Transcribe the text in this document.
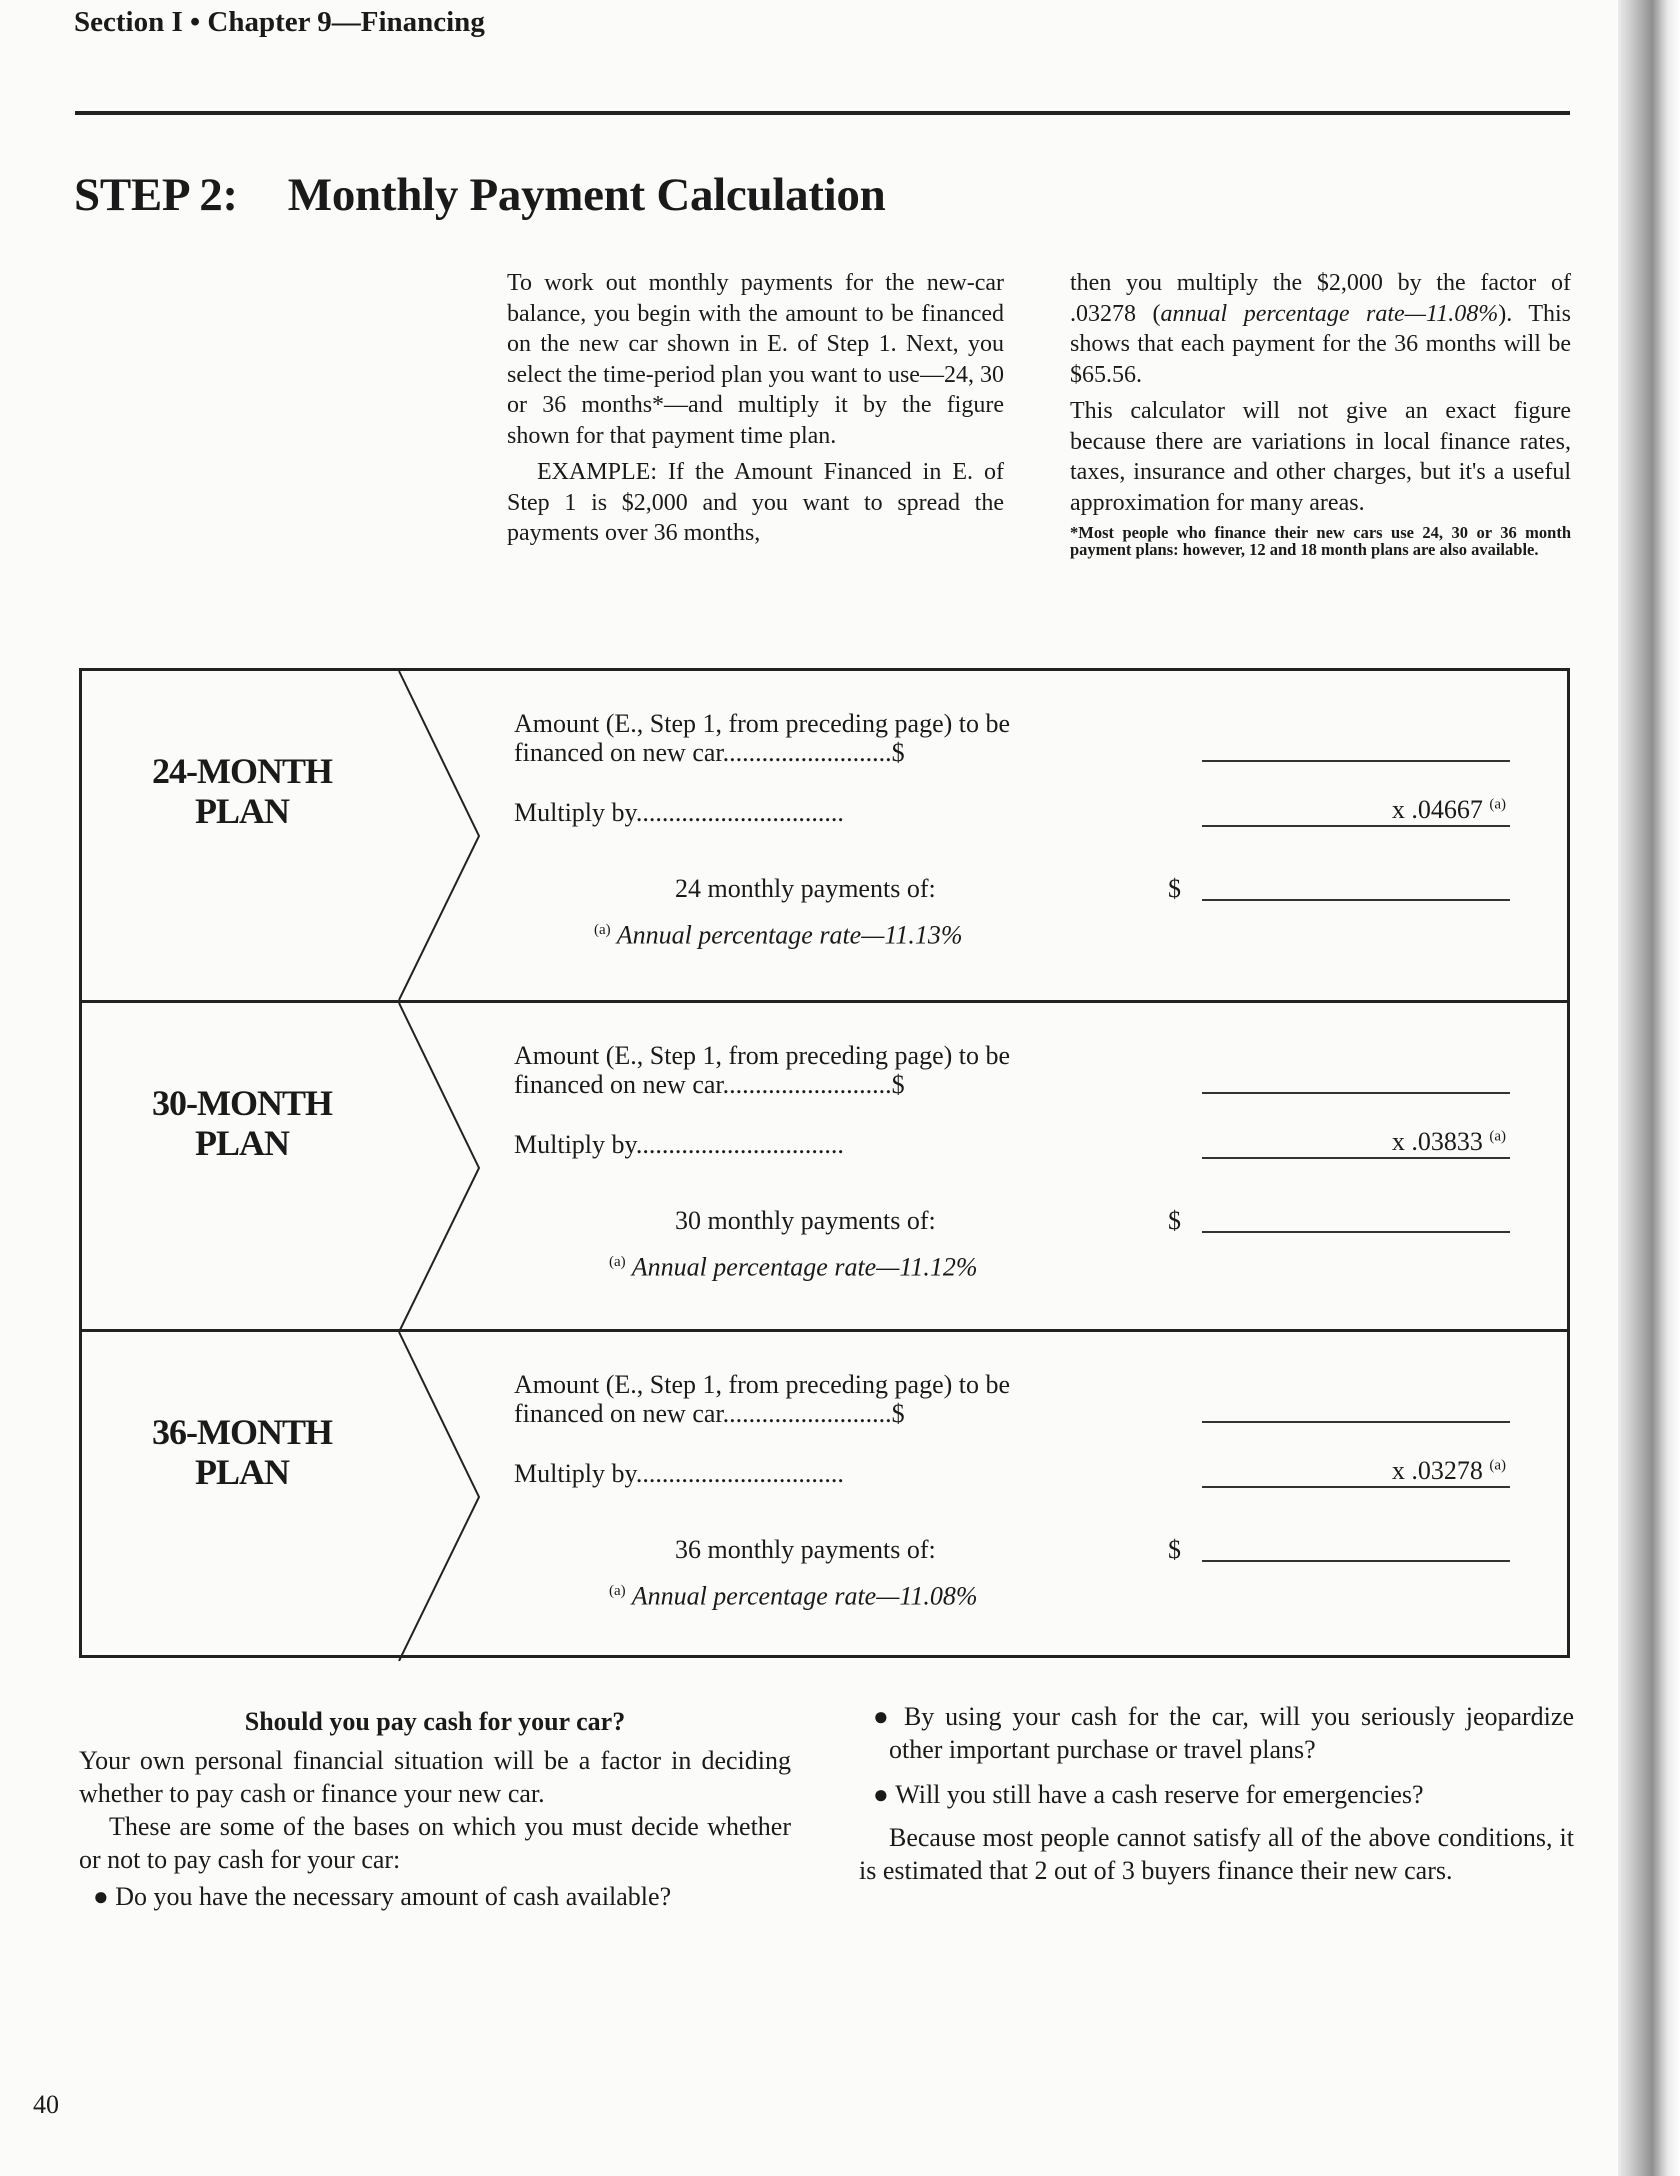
Section I • Chapter 9—Financing
STEP 2: Monthly Payment Calculation

To work out monthly payments for the new-car balance, you begin with the amount to be financed on the new car shown in E. of Step 1. Next, you select the time-period plan you want to use—24, 30 or 36 months*—and multiply it by the figure shown for that payment time plan.

EXAMPLE: If the Amount Financed in E. of Step 1 is $2,000 and you want to spread the payments over 36 months,

then you multiply the $2,000 by the factor of .03278 (annual percentage rate—11.08%). This shows that each payment for the 36 months will be $65.56.

This calculator will not give an exact figure because there are variations in local finance rates, taxes, insurance and other charges, but it's a useful approximation for many areas.

*Most people who finance their new cars use 24, 30 or 36 month payment plans: however, 12 and 18 month plans are also available.

24-MONTH
PLAN
Amount (E., Step 1, from preceding page) to be
financed on new car..........................$
Multiply by................................	x .04667 $^{(a)}$
24 monthly payments of:	$
$^{(a)}$ Annual percentage rate—11.13%
30-MONTH
PLAN
Amount (E., Step 1, from preceding page) to be
financed on new car..........................$
Multiply by................................	x .03833 $^{(a)}$
30 monthly payments of:	$
$^{(a)}$ Annual percentage rate—11.12%
36-MONTH
PLAN
Amount (E., Step 1, from preceding page) to be
financed on new car..........................$
Multiply by................................	x .03278 $^{(a)}$
36 monthly payments of:	$
$^{(a)}$ Annual percentage rate—11.08%
Should you pay cash for your car?

Your own personal financial situation will be a factor in deciding whether to pay cash or finance your new car.

These are some of the bases on which you must decide whether or not to pay cash for your car:

● Do you have the necessary amount of cash available?

● By using your cash for the car, will you seriously jeopardize other important purchase or travel plans?

● Will you still have a cash reserve for emergencies?

Because most people cannot satisfy all of the above conditions, it is estimated that 2 out of 3 buyers finance their new cars.

40
